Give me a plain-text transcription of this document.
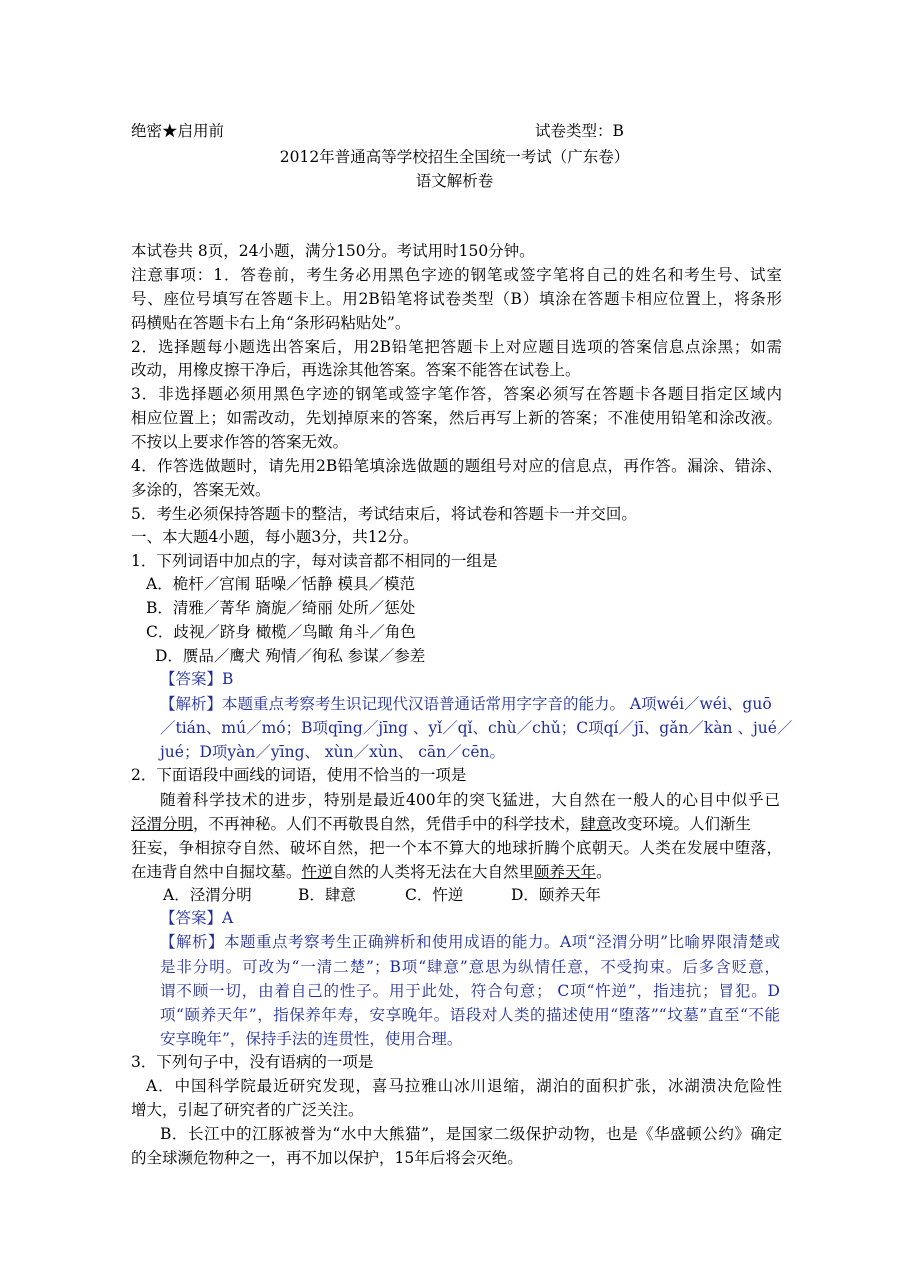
绝密★启用前	试卷类型：B
2012年普通高等学校招生全国统一考试（广东卷）
语文解析卷
本试卷共 8页，24小题，满分150分。考试用时150分钟。
注意事项：1．答卷前，考生务必用黑色字迹的钢笔或签字笔将自己的姓名和考生号、试室
号、座位号填写在答题卡上。用2B铅笔将试卷类型（B）填涂在答题卡相应位置上，将条形
码横贴在答题卡右上角“条形码粘贴处”。
2．选择题每小题选出答案后，用2B铅笔把答题卡上对应题目选项的答案信息点涂黑；如需
改动，用橡皮擦干净后，再选涂其他答案。答案不能答在试卷上。
3．非选择题必须用黑色字迹的钢笔或签字笔作答，答案必须写在答题卡各题目指定区域内
相应位置上；如需改动，先划掉原来的答案，然后再写上新的答案；不准使用铅笔和涂改液。
不按以上要求作答的答案无效。
4．作答选做题时，请先用2B铅笔填涂选做题的题组号对应的信息点，再作答。漏涂、错涂、
多涂的，答案无效。
5．考生必须保持答题卡的整洁，考试结束后，将试卷和答题卡一并交回。
一、本大题4小题，每小题3分，共12分。
1．下列词语中加点的字，每对读音都不相同的一组是
A．桅杆／宫闱 聒噪／恬静 模具／模范
B．清雅／菁华 旖旎／绮丽 处所／惩处
C．歧视／跻身 橄榄／鸟瞰 角斗／角色
D．赝品／鹰犬 殉情／徇私 参谋／参差
【答案】B
【解析】本题重点考察考生识记现代汉语普通话常用字字音的能力。 A项wéi／wéi、guō
／tián、mú／mó；B项qīng／jīng 、yǐ／qǐ、chù／chǔ；C项qí／jī、gǎn／kàn 、jué／
jué；D项yàn／yīng、 xùn／xùn、 cān／cēn。
2．下面语段中画线的词语，使用不恰当的一项是
随着科学技术的进步，特别是最近400年的突飞猛进，大自然在一般人的心目中似乎已
泾渭分明，不再神秘。人们不再敬畏自然，凭借手中的科学技术，肆意改变环境。人们渐生
狂妄，争相掠夺自然、破坏自然，把一个本不算大的地球折腾个底朝天。人类在发展中堕落，
在违背自然中自掘坟墓。忤逆自然的人类将无法在大自然里颐养天年。
A．泾渭分明	B．肆意	C．忤逆	D．颐养天年
【答案】A
【解析】本题重点考察考生正确辨析和使用成语的能力。A项“泾渭分明”比喻界限清楚或
是非分明。可改为“一清二楚”；B项“肆意”意思为纵情任意，不受拘束。后多含贬意，
谓不顾一切，由着自己的性子。用于此处，符合句意； C项“忤逆”，指违抗；冒犯。D
项“颐养天年”，指保养年寿，安享晚年。语段对人类的描述使用“堕落”“坟墓”直至“不能
安享晚年”，保持手法的连贯性，使用合理。
3．下列句子中，没有语病的一项是
A．中国科学院最近研究发现，喜马拉雅山冰川退缩，湖泊的面积扩张，冰湖溃决危险性
增大，引起了研究者的广泛关注。
B．长江中的江豚被誉为“水中大熊猫”，是国家二级保护动物，也是《华盛顿公约》确定
的全球濒危物种之一，再不加以保护，15年后将会灭绝。
